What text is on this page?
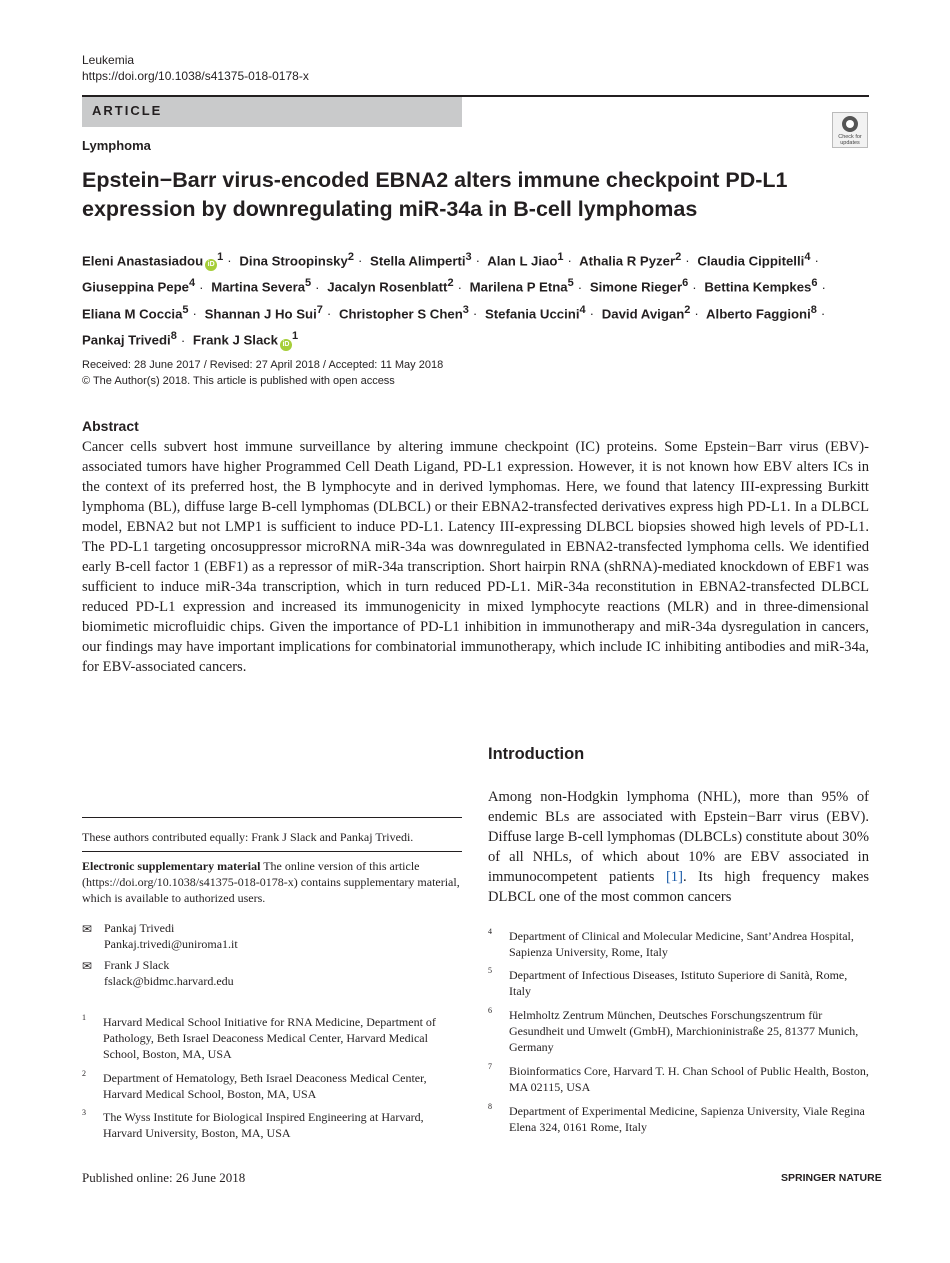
Leukemia
https://doi.org/10.1038/s41375-018-0178-x
ARTICLE
Lymphoma
Check for
updates
Epstein−Barr virus-encoded EBNA2 alters immune checkpoint PD-L1
expression by downregulating miR-34a in B-cell lymphomas
Eleni Anastasiadou $iD^1$ · Dina Stroopinsky$^2$ · Stella Alimperti$^3$ · Alan L Jiao$^1$ · Athalia R Pyzer$^2$ · Claudia Cippitelli$^4$ · Giuseppina Pepe$^4$ · Martina Severa$^5$ · Jacalyn Rosenblatt$^2$ · Marilena P Etna$^5$ · Simone Rieger$^6$ · Bettina Kempkes$^6$ · Eliana M Coccia$^5$ · Shannan J Ho Sui$^7$ · Christopher S Chen$^3$ · Stefania Uccini$^4$ · David Avigan$^2$ · Alberto Faggioni$^8$ · Pankaj Trivedi$^8$ · Frank J Slack $iD^1$
Received: 28 June 2017 / Revised: 27 April 2018 / Accepted: 11 May 2018
© The Author(s) 2018. This article is published with open access
Abstract
Cancer cells subvert host immune surveillance by altering immune checkpoint (IC) proteins. Some Epstein−Barr virus (EBV)-associated tumors have higher Programmed Cell Death Ligand, PD-L1 expression. However, it is not known how EBV alters ICs in the context of its preferred host, the B lymphocyte and in derived lymphomas. Here, we found that latency III-expressing Burkitt lymphoma (BL), diffuse large B-cell lymphomas (DLBCL) or their EBNA2-transfected derivatives express high PD-L1. In a DLBCL model, EBNA2 but not LMP1 is sufficient to induce PD-L1. Latency III-expressing DLBCL biopsies showed high levels of PD-L1. The PD-L1 targeting oncosuppressor microRNA miR-34a was downregulated in EBNA2-transfected lymphoma cells. We identified early B-cell factor 1 (EBF1) as a repressor of miR-34a transcription. Short hairpin RNA (shRNA)-mediated knockdown of EBF1 was sufficient to induce miR-34a transcription, which in turn reduced PD-L1. MiR-34a reconstitution in EBNA2-transfected DLBCL reduced PD-L1 expression and increased its immunogenicity in mixed lymphocyte reactions (MLR) and in three-dimensional biomimetic microfluidic chips. Given the importance of PD-L1 inhibition in immunotherapy and miR-34a dysregulation in cancers, our findings may have important implications for combinatorial immunotherapy, which include IC inhibiting antibodies and miR-34a, for EBV-associated cancers.
Introduction
Among non-Hodgkin lymphoma (NHL), more than 95% of endemic BLs are associated with Epstein−Barr virus (EBV). Diffuse large B-cell lymphomas (DLBCLs) constitute about 30% of all NHLs, of which about 10% are EBV associated in immunocompetent patients [1]. Its high frequency makes DLBCL one of the most common cancers
These authors contributed equally: Frank J Slack and Pankaj Trivedi.
Electronic supplementary material The online version of this article (https://doi.org/10.1038/s41375-018-0178-x) contains supplementary material, which is available to authorized users.
✉ Pankaj Trivedi
Pankaj.trivedi@uniroma1.it
✉ Frank J Slack
fslack@bidmc.harvard.edu
1 Harvard Medical School Initiative for RNA Medicine, Department of Pathology, Beth Israel Deaconess Medical Center, Harvard Medical School, Boston, MA, USA
2 Department of Hematology, Beth Israel Deaconess Medical Center, Harvard Medical School, Boston, MA, USA
3 The Wyss Institute for Biological Inspired Engineering at Harvard, Harvard University, Boston, MA, USA
4 Department of Clinical and Molecular Medicine, Sant’Andrea Hospital, Sapienza University, Rome, Italy
5 Department of Infectious Diseases, Istituto Superiore di Sanità, Rome, Italy
6 Helmholtz Zentrum München, Deutsches Forschungszentrum für Gesundheit und Umwelt (GmbH), Marchioninistraße 25, 81377 Munich, Germany
7 Bioinformatics Core, Harvard T. H. Chan School of Public Health, Boston, MA 02115, USA
8 Department of Experimental Medicine, Sapienza University, Viale Regina Elena 324, 0161 Rome, Italy
Published online: 26 June 2018	SPRINGER NATURE
